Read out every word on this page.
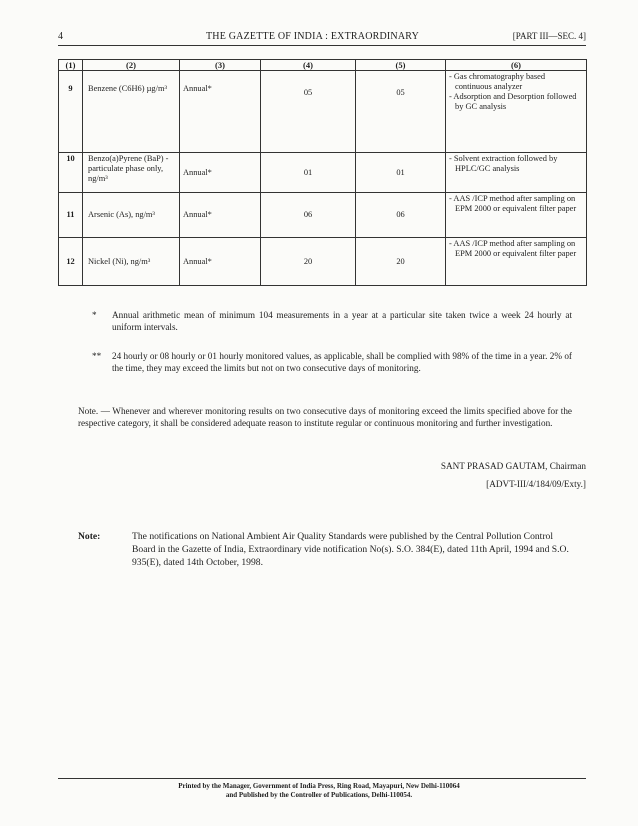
4	THE GAZETTE OF INDIA : EXTRAORDINARY	[PART III—SEC. 4]
(1)	(2)	(3)	(4)	(5)	(6)
9	Benzene (C6H6) µg/m³	Annual*	05	05	- Gas chromatography based continuous analyzer
- Adsorption and Desorption followed by GC analysis

10	Benzo(a)Pyrene (BaP) - particulate phase only, ng/m³	Annual*	01	01	- Solvent extraction followed by HPLC/GC analysis

11	Arsenic (As), ng/m³	Annual*	06	06	- AAS /ICP method after sampling on EPM 2000 or equivalent filter paper

12	Nickel (Ni), ng/m³	Annual*	20	20	- AAS /ICP method after sampling on EPM 2000 or equivalent filter paper
* Annual arithmetic mean of minimum 104 measurements in a year at a particular site taken twice a week 24 hourly at uniform intervals.
** 24 hourly or 08 hourly or 01 hourly monitored values, as applicable, shall be complied with 98% of the time in a year. 2% of the time, they may exceed the limits but not on two consecutive days of monitoring.
Note. — Whenever and wherever monitoring results on two consecutive days of monitoring exceed the limits specified above for the respective category, it shall be considered adequate reason to institute regular or continuous monitoring and further investigation.
SANT PRASAD GAUTAM, Chairman
[ADVT-III/4/184/09/Exty.]
Note:	The notifications on National Ambient Air Quality Standards were published by the Central Pollution Control Board in the Gazette of India, Extraordinary vide notification No(s). S.O. 384(E), dated 11th April, 1994 and S.O. 935(E), dated 14th October, 1998.
Printed by the Manager, Government of India Press, Ring Road, Mayapuri, New Delhi-110064
and Published by the Controller of Publications, Delhi-110054.
